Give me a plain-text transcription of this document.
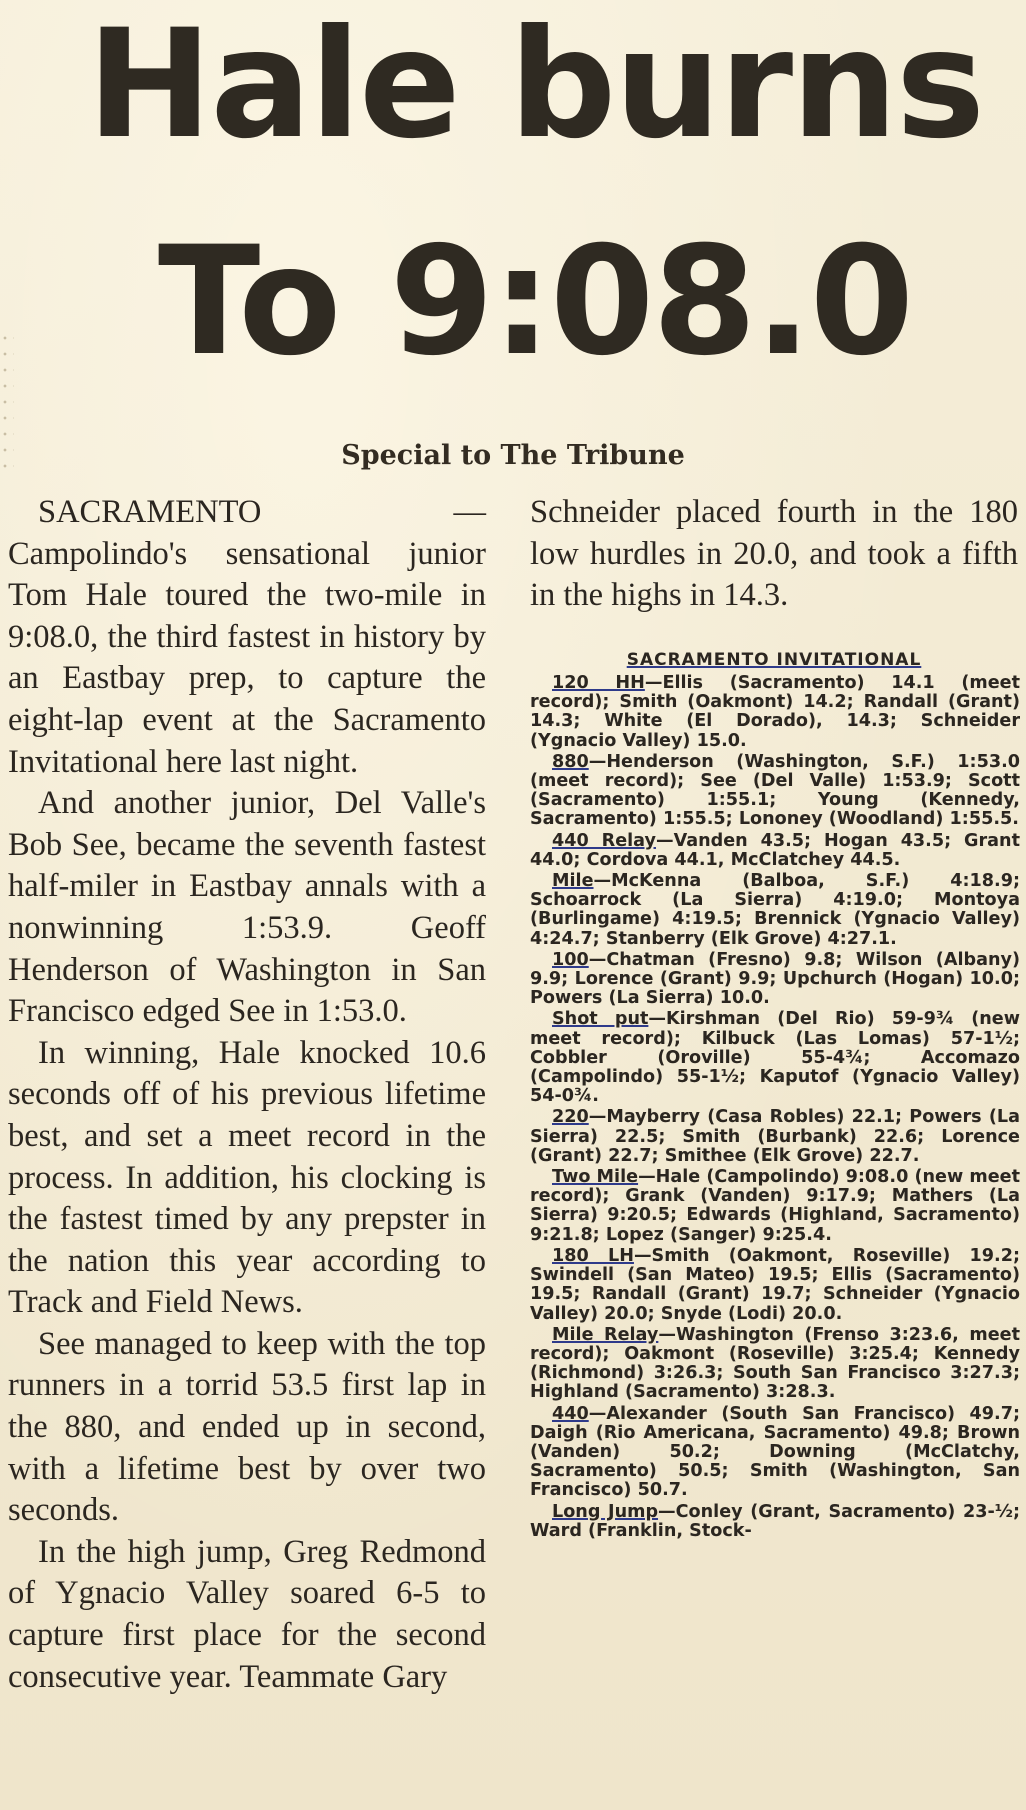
Hale burns
To 9:08.0
Special to The Tribune

SACRAMENTO — Campolindo's sensational junior Tom Hale toured the two-mile in 9:08.0, the third fastest in history by an Eastbay prep, to capture the eight-lap event at the Sacramento Invitational here last night.

And another junior, Del Valle's Bob See, became the seventh fastest half-miler in Eastbay annals with a nonwinning 1:53.9. Geoff Henderson of Washington in San Francisco edged See in 1:53.0.

In winning, Hale knocked 10.6 seconds off of his previous lifetime best, and set a meet record in the process. In addition, his clocking is the fastest timed by any prepster in the nation this year according to Track and Field News.

See managed to keep with the top runners in a torrid 53.5 first lap in the 880, and ended up in second, with a lifetime best by over two seconds.

In the high jump, Greg Redmond of Ygnacio Valley soared 6-5 to capture first place for the second consecutive year. Teammate Gary

Schneider placed fourth in the 180 low hurdles in 20.0, and took a fifth in the highs in 14.3.

SACRAMENTO INVITATIONAL

120 HH—Ellis (Sacramento) 14.1 (meet record); Smith (Oakmont) 14.2; Randall (Grant) 14.3; White (El Dorado), 14.3; Schneider (Ygnacio Valley) 15.0.

880—Henderson (Washington, S.F.) 1:53.0 (meet record); See (Del Valle) 1:53.9; Scott (Sacramento) 1:55.1; Young (Kennedy, Sacramento) 1:55.5; Lononey (Woodland) 1:55.5.

440 Relay—Vanden 43.5; Hogan 43.5; Grant 44.0; Cordova 44.1, McClatchey 44.5.

Mile—McKenna (Balboa, S.F.) 4:18.9; Schoarrock (La Sierra) 4:19.0; Montoya (Burlingame) 4:19.5; Brennick (Ygnacio Valley) 4:24.7; Stanberry (Elk Grove) 4:27.1.

100—Chatman (Fresno) 9.8; Wilson (Albany) 9.9; Lorence (Grant) 9.9; Upchurch (Hogan) 10.0; Powers (La Sierra) 10.0.

Shot put—Kirshman (Del Rio) 59-9¾ (new meet record); Kilbuck (Las Lomas) 57-1½; Cobbler (Oroville) 55-4¾; Accomazo (Campolindo) 55-1½; Kaputof (Ygnacio Valley) 54-0¾.

220—Mayberry (Casa Robles) 22.1; Powers (La Sierra) 22.5; Smith (Burbank) 22.6; Lorence (Grant) 22.7; Smithee (Elk Grove) 22.7.

Two Mile—Hale (Campolindo) 9:08.0 (new meet record); Grank (Vanden) 9:17.9; Mathers (La Sierra) 9:20.5; Edwards (Highland, Sacramento) 9:21.8; Lopez (Sanger) 9:25.4.

180 LH—Smith (Oakmont, Roseville) 19.2; Swindell (San Mateo) 19.5; Ellis (Sacramento) 19.5; Randall (Grant) 19.7; Schneider (Ygnacio Valley) 20.0; Snyde (Lodi) 20.0.

Mile Relay—Washington (Frenso 3:23.6, meet record); Oakmont (Roseville) 3:25.4; Kennedy (Richmond) 3:26.3; South San Francisco 3:27.3; Highland (Sacramento) 3:28.3.

440—Alexander (South San Francisco) 49.7; Daigh (Rio Americana, Sacramento) 49.8; Brown (Vanden) 50.2; Downing (McClatchy, Sacramento) 50.5; Smith (Washington, San Francisco) 50.7.

Long Jump—Conley (Grant, Sacramento) 23-½; Ward (Franklin, Stock-
